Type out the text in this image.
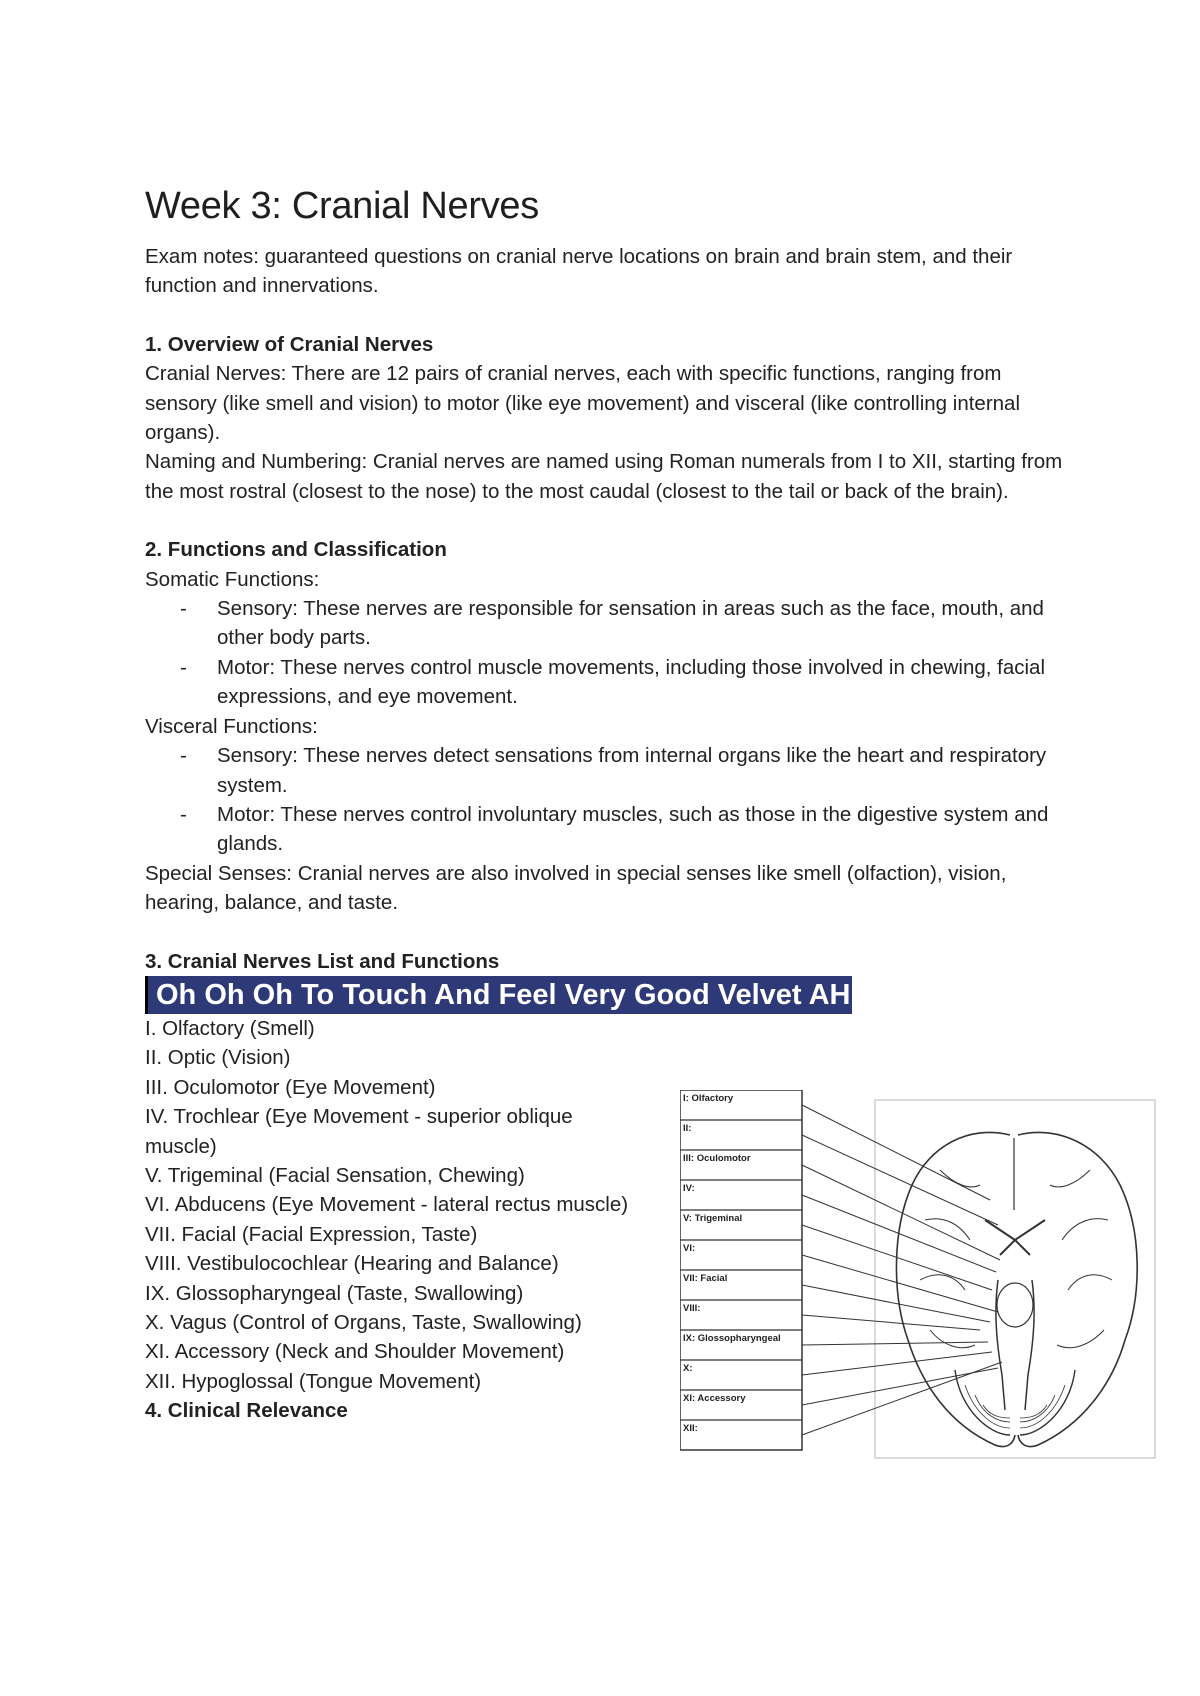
Week 3: Cranial Nerves

Exam notes: guaranteed questions on cranial nerve locations on brain and brain stem, and their function and innervations.

1. Overview of Cranial Nerves

Cranial Nerves: There are 12 pairs of cranial nerves, each with specific functions, ranging from sensory (like smell and vision) to motor (like eye movement) and visceral (like controlling internal organs).

Naming and Numbering: Cranial nerves are named using Roman numerals from I to XII, starting from the most rostral (closest to the nose) to the most caudal (closest to the tail or back of the brain).

2. Functions and Classification

Somatic Functions:

- Sensory: These nerves are responsible for sensation in areas such as the face, mouth, and other body parts.
- Motor: These nerves control muscle movements, including those involved in chewing, facial expressions, and eye movement.

Visceral Functions:

- Sensory: These nerves detect sensations from internal organs like the heart and respiratory system.
- Motor: These nerves control involuntary muscles, such as those in the digestive system and glands.

Special Senses: Cranial nerves are also involved in special senses like smell (olfaction), vision, hearing, balance, and taste.

3. Cranial Nerves List and Functions

Oh Oh Oh To Touch And Feel Very Good Velvet AH

I. Olfactory (Smell)

II. Optic (Vision)

III. Oculomotor (Eye Movement)

IV. Trochlear (Eye Movement - superior oblique muscle)

V. Trigeminal (Facial Sensation, Chewing)

VI. Abducens (Eye Movement - lateral rectus muscle)

VII. Facial (Facial Expression, Taste)

VIII. Vestibulocochlear (Hearing and Balance)

IX. Glossopharyngeal (Taste, Swallowing)

X. Vagus (Control of Organs, Taste, Swallowing)

XI. Accessory (Neck and Shoulder Movement)

XII. Hypoglossal (Tongue Movement)

4. Clinical Relevance

I: Olfactory
II:
III: Oculomotor
IV:
V: Trigeminal
VI:
VII: Facial
VIII:
IX: Glossopharyngeal
X:
XI: Accessory
XII:
